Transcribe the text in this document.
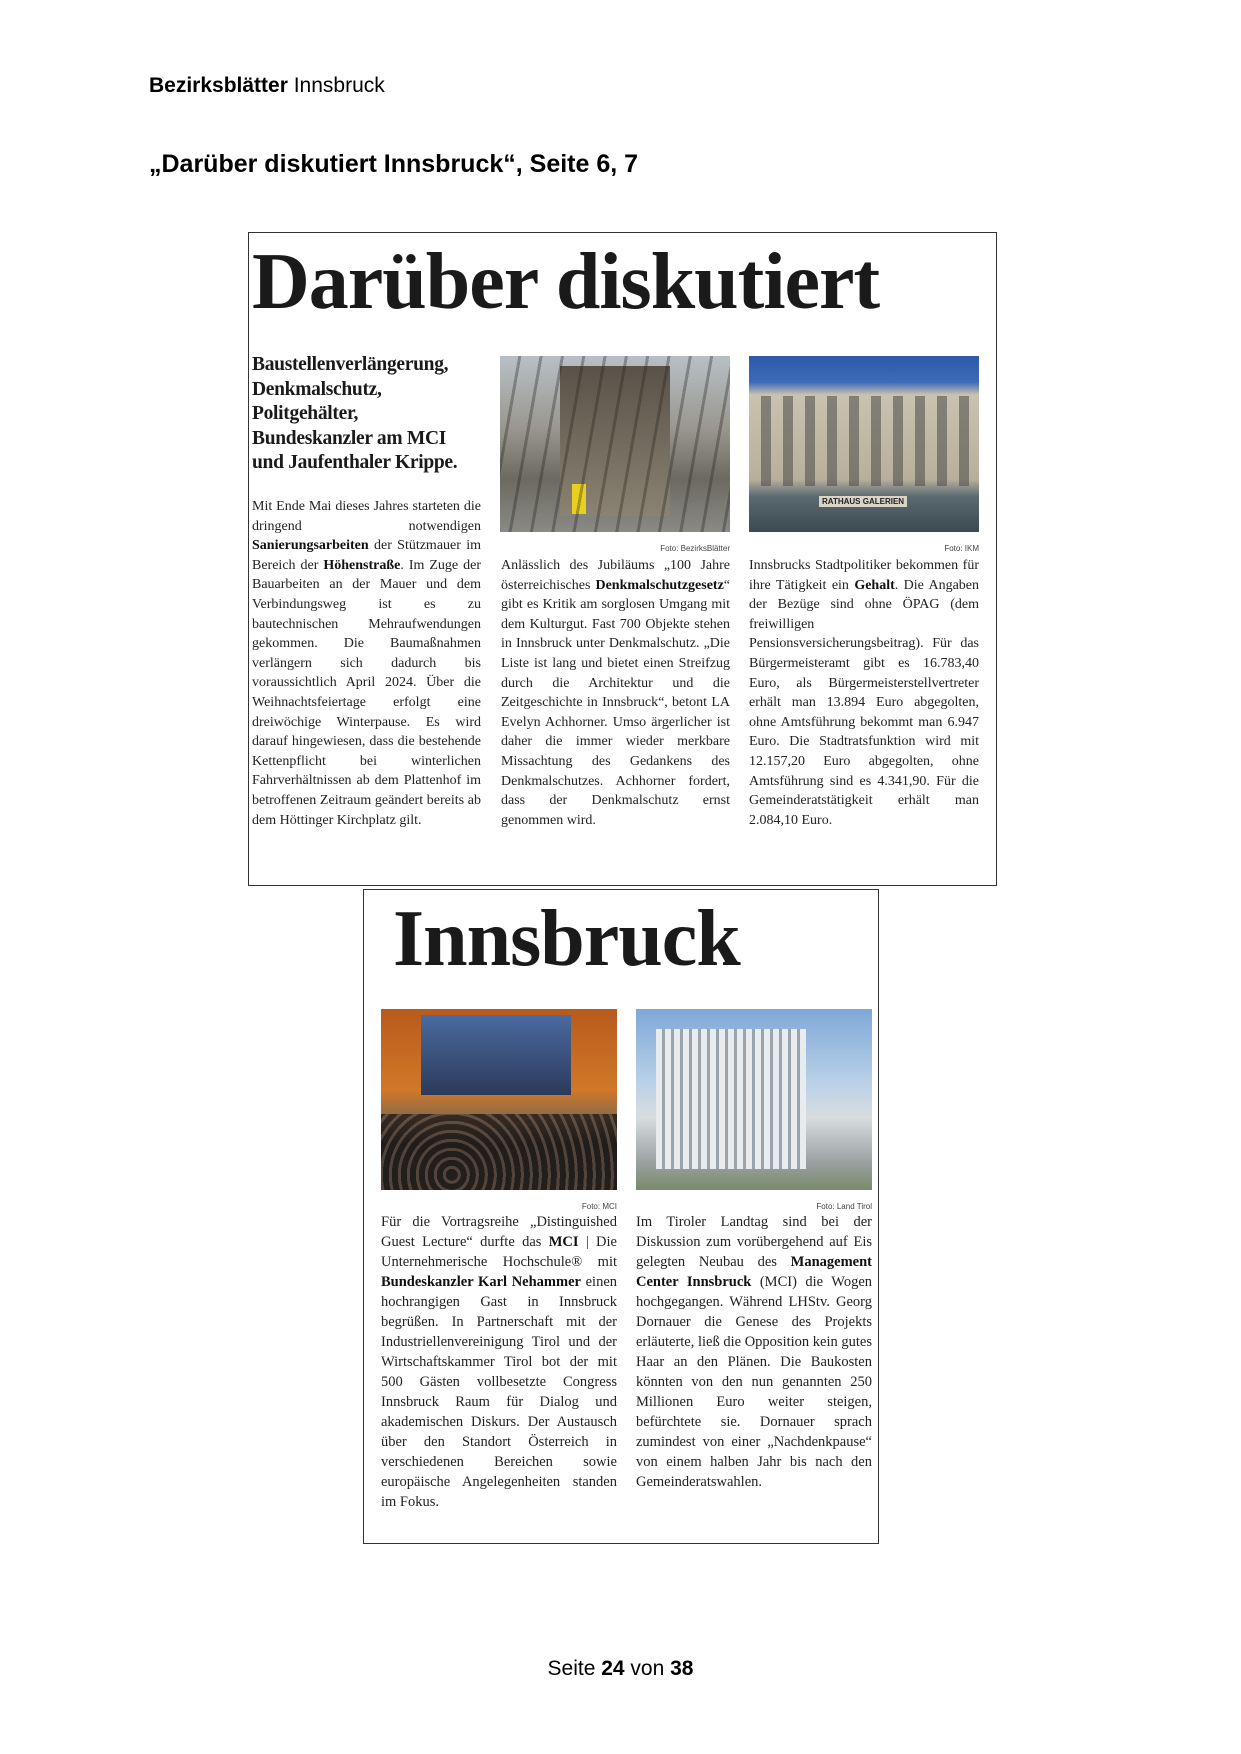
Bezirksblätter Innsbruck
„Darüber diskutiert Innsbruck“, Seite 6, 7
Darüber diskutiert
Baustellenverlängerung, Denkmalschutz, Politgehälter, Bundeskanzler am MCI und Jaufenthaler Krippe.
Mit Ende Mai dieses Jahres starteten die dringend notwendigen Sanierungsarbeiten der Stützmauer im Bereich der Höhenstraße. Im Zuge der Bauarbeiten an der Mauer und dem Verbindungsweg ist es zu bautechnischen Mehraufwendungen gekommen. Die Baumaßnahmen verlängern sich dadurch bis voraussichtlich April 2024. Über die Weihnachtsfeiertage erfolgt eine dreiwöchige Winterpause. Es wird darauf hingewiesen, dass die bestehende Kettenpflicht bei winterlichen Fahrverhältnissen ab dem Plattenhof im betroffenen Zeitraum geändert bereits ab dem Höttinger Kirchplatz gilt.
Foto: BezirksBlätter
Anlässlich des Jubiläums „100 Jahre österreichisches Denkmalschutzgesetz“ gibt es Kritik am sorglosen Umgang mit dem Kulturgut. Fast 700 Objekte stehen in Innsbruck unter Denkmalschutz. „Die Liste ist lang und bietet einen Streifzug durch die Architektur und die Zeitgeschichte in Innsbruck“, betont LA Evelyn Achhorner. Umso ärgerlicher ist daher die immer wieder merkbare Missachtung des Gedankens des Denkmalschutzes. Achhorner fordert, dass der Denkmalschutz ernst genommen wird.
RATHAUS GALERIEN
Foto: IKM
Innsbrucks Stadtpolitiker bekommen für ihre Tätigkeit ein Gehalt. Die Angaben der Bezüge sind ohne ÖPAG (dem freiwilligen Pensionsversicherungsbeitrag). Für das Bürgermeisteramt gibt es 16.783,40 Euro, als Bürgermeisterstellvertreter erhält man 13.894 Euro abgegolten, ohne Amtsführung bekommt man 6.947 Euro. Die Stadtratsfunktion wird mit 12.157,20 Euro abgegolten, ohne Amtsführung sind es 4.341,90. Für die Gemeinderatstätigkeit erhält man 2.084,10 Euro.
Innsbruck
Foto: MCI
Für die Vortragsreihe „Distinguished Guest Lecture“ durfte das MCI | Die Unternehmerische Hochschule® mit Bundeskanzler Karl Nehammer einen hochrangigen Gast in Innsbruck begrüßen. In Partnerschaft mit der Industriellenvereinigung Tirol und der Wirtschaftskammer Tirol bot der mit 500 Gästen vollbesetzte Congress Innsbruck Raum für Dialog und akademischen Diskurs. Der Austausch über den Standort Österreich in verschiedenen Bereichen sowie europäische Angelegenheiten standen im Fokus.
Foto: Land Tirol
Im Tiroler Landtag sind bei der Diskussion zum vorübergehend auf Eis gelegten Neubau des Management Center Innsbruck (MCI) die Wogen hochgegangen. Während LHStv. Georg Dornauer die Genese des Projekts erläuterte, ließ die Opposition kein gutes Haar an den Plänen. Die Baukosten könnten von den nun genannten 250 Millionen Euro weiter steigen, befürchtete sie. Dornauer sprach zumindest von einer „Nachdenkpause“ von einem halben Jahr bis nach den Gemeinderatswahlen.
Seite 24 von 38
